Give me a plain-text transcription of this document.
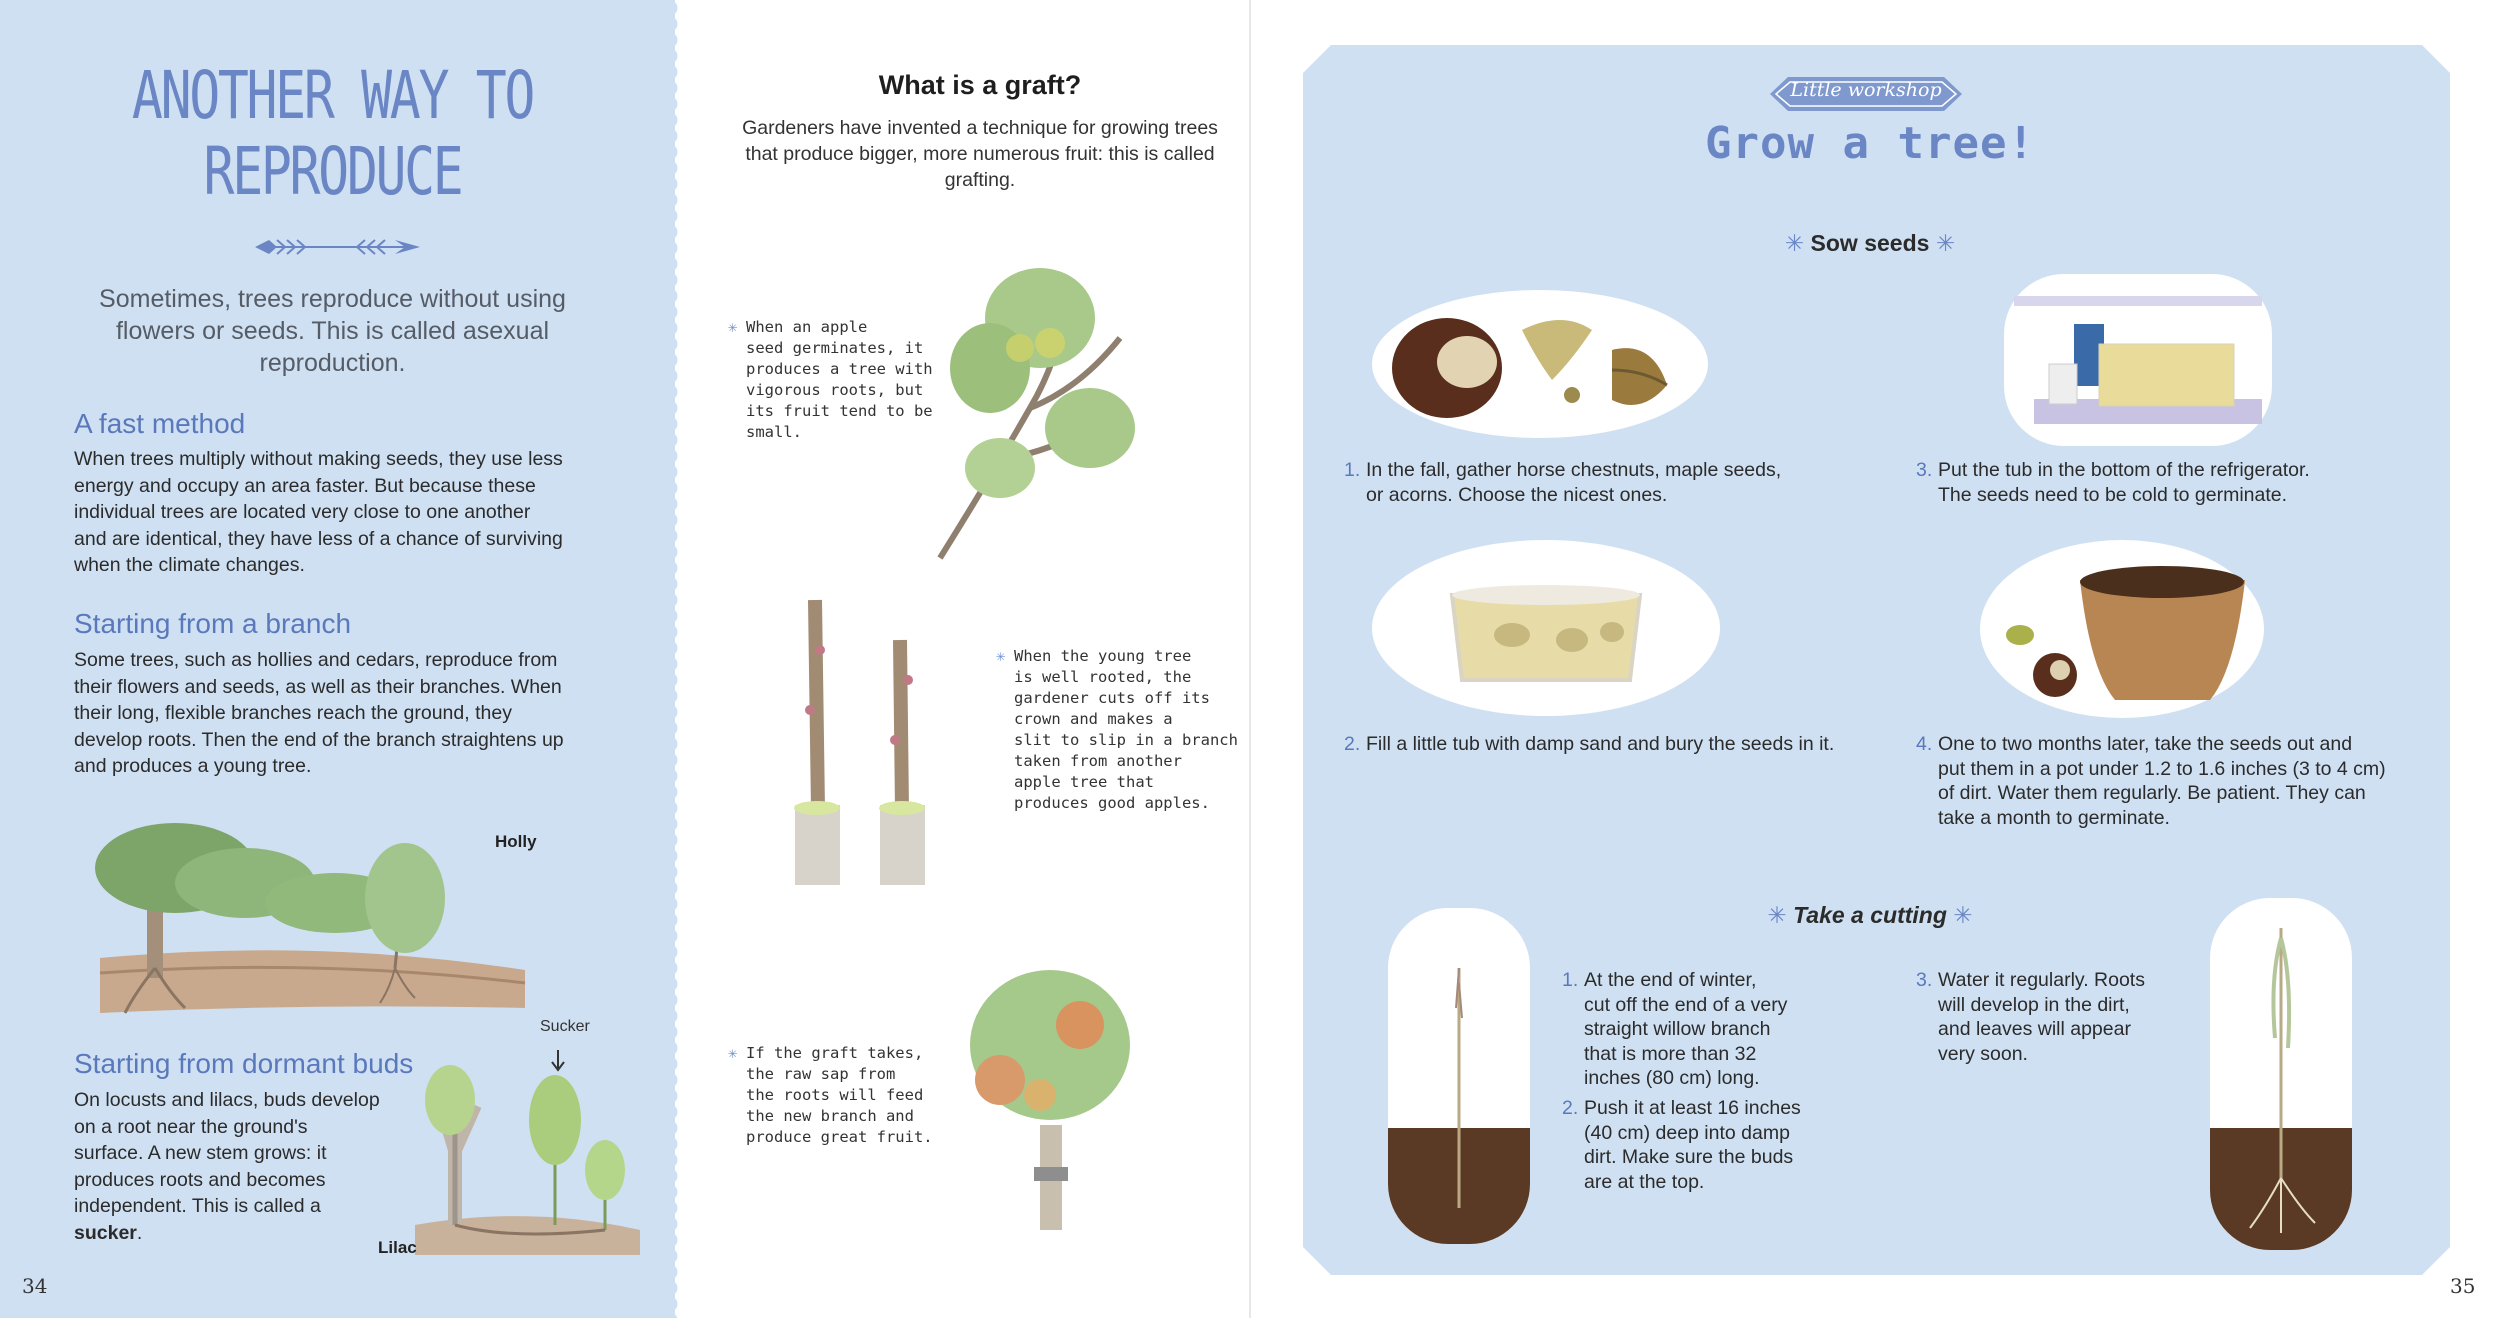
ANOTHER WAY TO
REPRODUCE
Sometimes, trees reproduce without using flowers or seeds. This is called asexual reproduction.
A fast method
When trees multiply without making seeds, they use less
energy and occupy an area faster. But because these
individual trees are located very close to one another
and are identical, they have less of a chance of surviving
when the climate changes.
Starting from a branch
Some trees, such as hollies and cedars, reproduce from
their flowers and seeds, as well as their branches. When
their long, flexible branches reach the ground, they
develop roots. Then the end of the branch straightens up
and produces a young tree.
Holly
Starting from dormant buds
On locusts and lilacs, buds develop
on a root near the ground's
surface. A new stem grows: it
produces roots and becomes
independent. This is called a
sucker.
Sucker
Lilac
34
What is a graft?
Gardeners have invented a technique for growing trees that produce bigger, more numerous fruit: this is called grafting.
✳ When an apple
seed germinates, it
produces a tree with
vigorous roots, but
its fruit tend to be
small.
✳ When the young tree
is well rooted, the
gardener cuts off its
crown and makes a
slit to slip in a branch
taken from another
apple tree that
produces good apples.
✳ If the graft takes,
the raw sap from
the roots will feed
the new branch and
produce great fruit.
Little workshop
Grow a tree!
✳ Sow seeds ✳
1. In the fall, gather horse chestnuts, maple seeds,
or acorns. Choose the nicest ones.
3. Put the tub in the bottom of the refrigerator.
The seeds need to be cold to germinate.
2. Fill a little tub with damp sand and bury the seeds in it.	4. One to two months later, take the seeds out and
put them in a pot under 1.2 to 1.6 inches (3 to 4 cm)
of dirt. Water them regularly. Be patient. They can
take a month to germinate.
✳ Take a cutting ✳
1. At the end of winter,
cut off the end of a very
straight willow branch
that is more than 32
inches (80 cm) long.
2. Push it at least 16 inches
(40 cm) deep into damp
dirt. Make sure the buds
are at the top.
3. Water it regularly. Roots
will develop in the dirt,
and leaves will appear
very soon.
35
